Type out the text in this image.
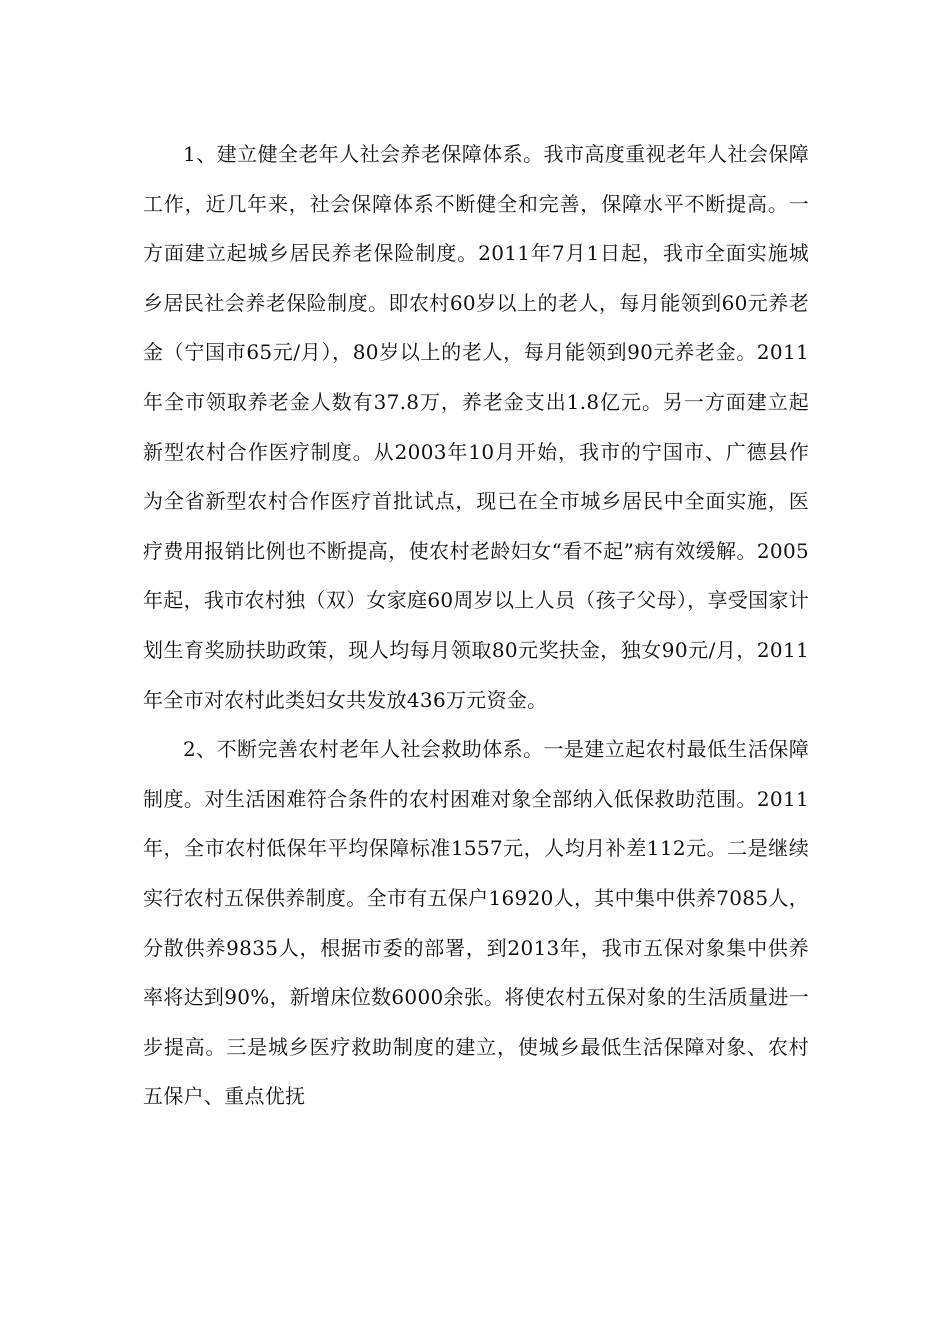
1、建立健全老年人社会养老保障体系。我市高度重视老年人社会保障工作，近几年来，社会保障体系不断健全和完善，保障水平不断提高。一方面建立起城乡居民养老保险制度。2011年7月1日起，我市全面实施城乡居民社会养老保险制度。即农村60岁以上的老人，每月能领到60元养老金（宁国市65元/月），80岁以上的老人，每月能领到90元养老金。2011年全市领取养老金人数有37.8万，养老金支出1.8亿元。另一方面建立起新型农村合作医疗制度。从2003年10月开始，我市的宁国市、广德县作为全省新型农村合作医疗首批试点，现已在全市城乡居民中全面实施，医疗费用报销比例也不断提高，使农村老龄妇女“看不起”病有效缓解。2005年起，我市农村独（双）女家庭60周岁以上人员（孩子父母），享受国家计划生育奖励扶助政策，现人均每月领取80元奖扶金，独女90元/月，2011年全市对农村此类妇女共发放436万元资金。

2、不断完善农村老年人社会救助体系。一是建立起农村最低生活保障制度。对生活困难符合条件的农村困难对象全部纳入低保救助范围。2011年，全市农村低保年平均保障标准1557元，人均月补差112元。二是继续实行农村五保供养制度。全市有五保户16920人，其中集中供养7085人，分散供养9835人，根据市委的部署，到2013年，我市五保对象集中供养率将达到90%，新增床位数6000余张。将使农村五保对象的生活质量进一步提高。三是城乡医疗救助制度的建立，使城乡最低生活保障对象、农村五保户、重点优抚
